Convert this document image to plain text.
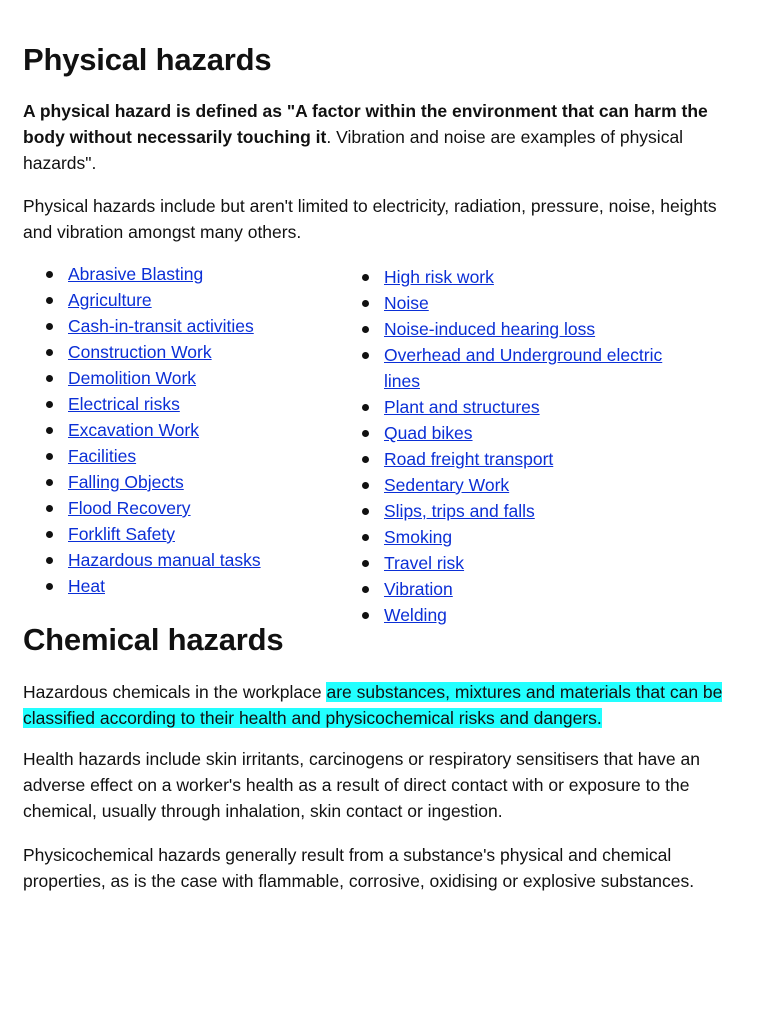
Physical hazards

A physical hazard is defined as "A factor within the environment that can harm the body without necessarily touching it. Vibration and noise are examples of physical hazards".

Physical hazards include but aren't limited to electricity, radiation, pressure, noise, heights and vibration amongst many others.

Abrasive Blasting
Agriculture
Cash-in-transit activities
Construction Work
Demolition Work
Electrical risks
Excavation Work
Facilities
Falling Objects
Flood Recovery
Forklift Safety
Hazardous manual tasks
Heat
High risk work
Noise
Noise-induced hearing loss
Overhead and Underground electric lines
Plant and structures
Quad bikes
Road freight transport
Sedentary Work
Slips, trips and falls
Smoking
Travel risk
Vibration
Welding
Chemical hazards

Hazardous chemicals in the workplace are substances, mixtures and materials that can be classified according to their health and physicochemical risks and dangers.

Health hazards include skin irritants, carcinogens or respiratory sensitisers that have an adverse effect on a worker's health as a result of direct contact with or exposure to the chemical, usually through inhalation, skin contact or ingestion.

Physicochemical hazards generally result from a substance's physical and chemical properties, as is the case with flammable, corrosive, oxidising or explosive substances.
